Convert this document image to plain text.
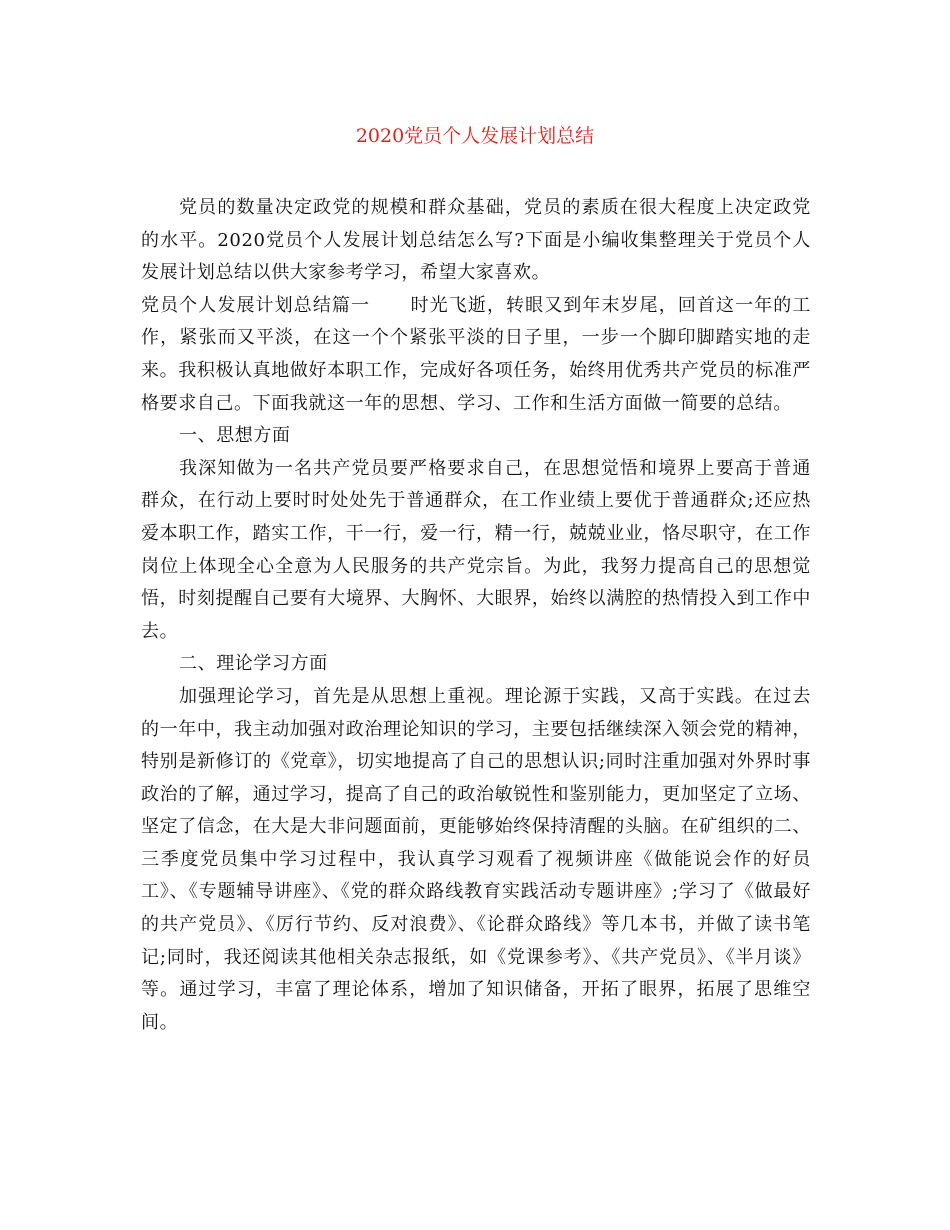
2020党员个人发展计划总结

党员的数量决定政党的规模和群众基础，党员的素质在很大程度上决定政党的水平。2020党员个人发展计划总结怎么写?下面是小编收集整理关于党员个人发展计划总结以供大家参考学习，希望大家喜欢。

党员个人发展计划总结篇一 时光飞逝，转眼又到年末岁尾，回首这一年的工作，紧张而又平淡，在这一个个紧张平淡的日子里，一步一个脚印脚踏实地的走来。我积极认真地做好本职工作，完成好各项任务，始终用优秀共产党员的标准严格要求自己。下面我就这一年的思想、学习、工作和生活方面做一简要的总结。

一、思想方面

我深知做为一名共产党员要严格要求自己，在思想觉悟和境界上要高于普通群众，在行动上要时时处处先于普通群众，在工作业绩上要优于普通群众;还应热爱本职工作，踏实工作，干一行，爱一行，精一行，兢兢业业，恪尽职守，在工作岗位上体现全心全意为人民服务的共产党宗旨。为此，我努力提高自己的思想觉悟，时刻提醒自己要有大境界、大胸怀、大眼界，始终以满腔的热情投入到工作中去。

二、理论学习方面

加强理论学习，首先是从思想上重视。理论源于实践，又高于实践。在过去的一年中，我主动加强对政治理论知识的学习，主要包括继续深入领会党的精神，特别是新修订的《党章》，切实地提高了自己的思想认识;同时注重加强对外界时事政治的了解，通过学习，提高了自己的政治敏锐性和鉴别能力，更加坚定了立场、坚定了信念，在大是大非问题面前，更能够始终保持清醒的头脑。在矿组织的二、三季度党员集中学习过程中，我认真学习观看了视频讲座《做能说会作的好员工》、《专题辅导讲座》、《党的群众路线教育实践活动专题讲座》;学习了《做最好的共产党员》、《厉行节约、反对浪费》、《论群众路线》等几本书，并做了读书笔记;同时，我还阅读其他相关杂志报纸，如《党课参考》、《共产党员》、《半月谈》等。通过学习，丰富了理论体系，增加了知识储备，开拓了眼界，拓展了思维空间。
